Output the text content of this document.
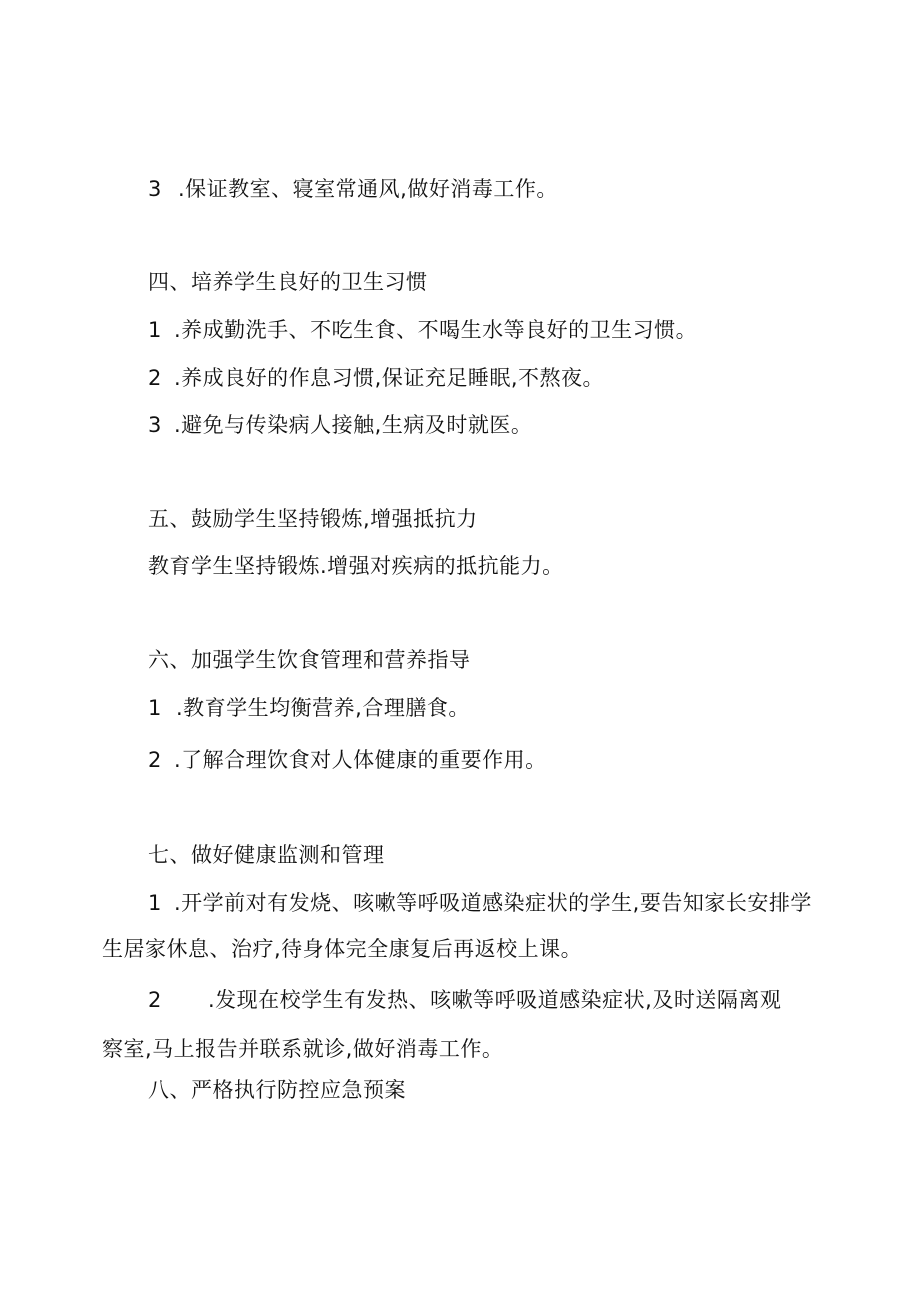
3 .保证教室、寝室常通风,做好消毒工作。
四、培养学生良好的卫生习惯
1 .养成勤洗手、不吃生食、不喝生水等良好的卫生习惯。
2 .养成良好的作息习惯,保证充足睡眠,不熬夜。
3 .避免与传染病人接触,生病及时就医。
五、鼓励学生坚持锻炼,增强抵抗力
教育学生坚持锻炼.增强对疾病的抵抗能力。
六、加强学生饮食管理和营养指导
1 .教育学生均衡营养,合理膳食。
2 .了解合理饮食对人体健康的重要作用。
七、做好健康监测和管理
1 .开学前对有发烧、咳嗽等呼吸道感染症状的学生,要告知家长安排学
生居家休息、治疗,待身体完全康复后再返校上课。
2 .发现在校学生有发热、咳嗽等呼吸道感染症状,及时送隔离观
察室,马上报告并联系就诊,做好消毒工作。
八、严格执行防控应急预案
